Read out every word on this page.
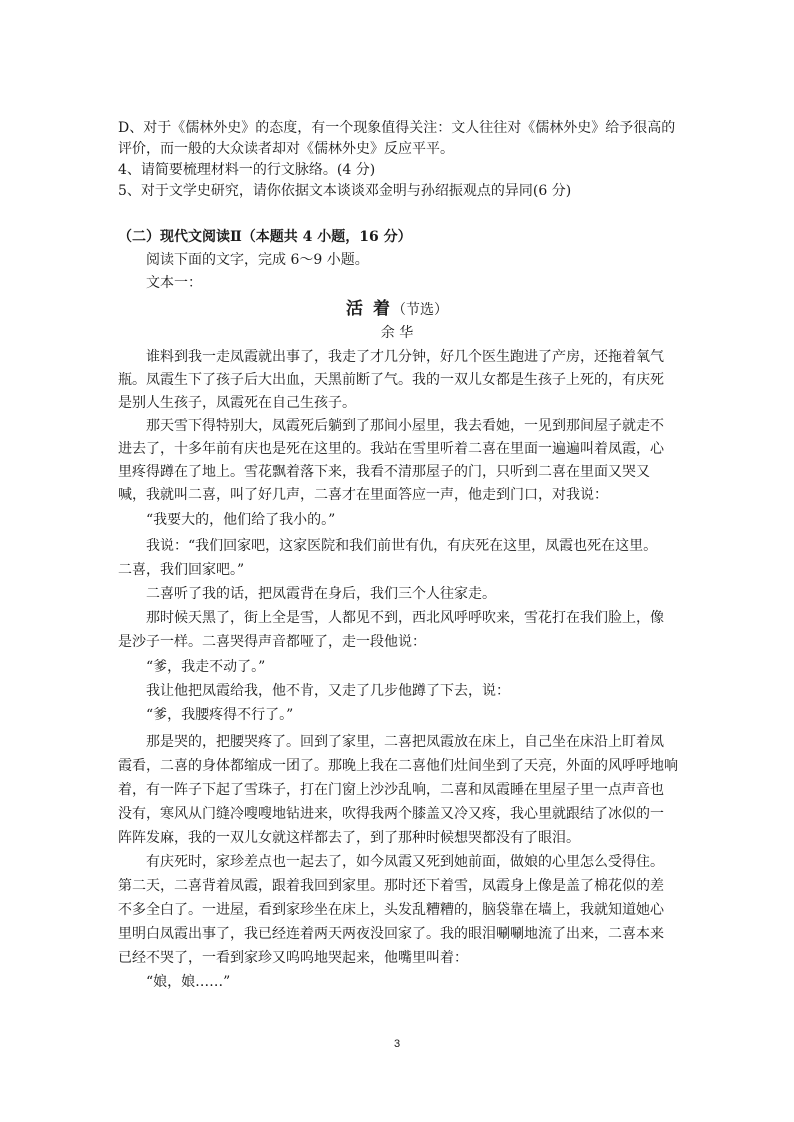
D、对于《儒林外史》的态度，有一个现象值得关注：文人往往对《儒林外史》给予很高的
评价，而一般的大众读者却对《儒林外史》反应平平。
4、请简要梳理材料一的行文脉络。(4 分)
5、对于文学史研究，请你依据文本谈谈邓金明与孙绍振观点的异同(6 分)
（二）现代文阅读Ⅱ（本题共 4 小题，16 分）
阅读下面的文字，完成 6～9 小题。
文本一：
活 着（节选）
余 华
谁料到我一走凤霞就出事了，我走了才几分钟，好几个医生跑进了产房，还拖着氧气
瓶。凤霞生下了孩子后大出血，天黑前断了气。我的一双儿女都是生孩子上死的，有庆死
是别人生孩子，凤霞死在自己生孩子。
那天雪下得特别大，凤霞死后躺到了那间小屋里，我去看她，一见到那间屋子就走不
进去了，十多年前有庆也是死在这里的。我站在雪里听着二喜在里面一遍遍叫着凤霞，心
里疼得蹲在了地上。雪花飘着落下来，我看不清那屋子的门，只听到二喜在里面又哭又
喊，我就叫二喜，叫了好几声，二喜才在里面答应一声，他走到门口，对我说：
“我要大的，他们给了我小的。”
我说：“我们回家吧，这家医院和我们前世有仇，有庆死在这里，凤霞也死在这里。
二喜，我们回家吧。”
二喜听了我的话，把凤霞背在身后，我们三个人往家走。
那时候天黑了，街上全是雪，人都见不到，西北风呼呼吹来，雪花打在我们脸上，像
是沙子一样。二喜哭得声音都哑了，走一段他说：
“爹，我走不动了。”
我让他把凤霞给我，他不肯，又走了几步他蹲了下去，说：
“爹，我腰疼得不行了。”
那是哭的，把腰哭疼了。回到了家里，二喜把凤霞放在床上，自己坐在床沿上盯着凤
霞看，二喜的身体都缩成一团了。那晚上我在二喜他们灶间坐到了天亮，外面的风呼呼地响
着，有一阵子下起了雪珠子，打在门窗上沙沙乱响，二喜和凤霞睡在里屋子里一点声音也
没有，寒风从门缝冷嗖嗖地钻进来，吹得我两个膝盖又冷又疼，我心里就跟结了冰似的一
阵阵发麻，我的一双儿女就这样都去了，到了那种时候想哭都没有了眼泪。
有庆死时，家珍差点也一起去了，如今凤霞又死到她前面，做娘的心里怎么受得住。
第二天，二喜背着凤霞，跟着我回到家里。那时还下着雪，凤霞身上像是盖了棉花似的差
不多全白了。一进屋，看到家珍坐在床上，头发乱糟糟的，脑袋靠在墙上，我就知道她心
里明白凤霞出事了，我已经连着两天两夜没回家了。我的眼泪唰唰地流了出来，二喜本来
已经不哭了，一看到家珍又呜呜地哭起来，他嘴里叫着：
“娘，娘……”
3
